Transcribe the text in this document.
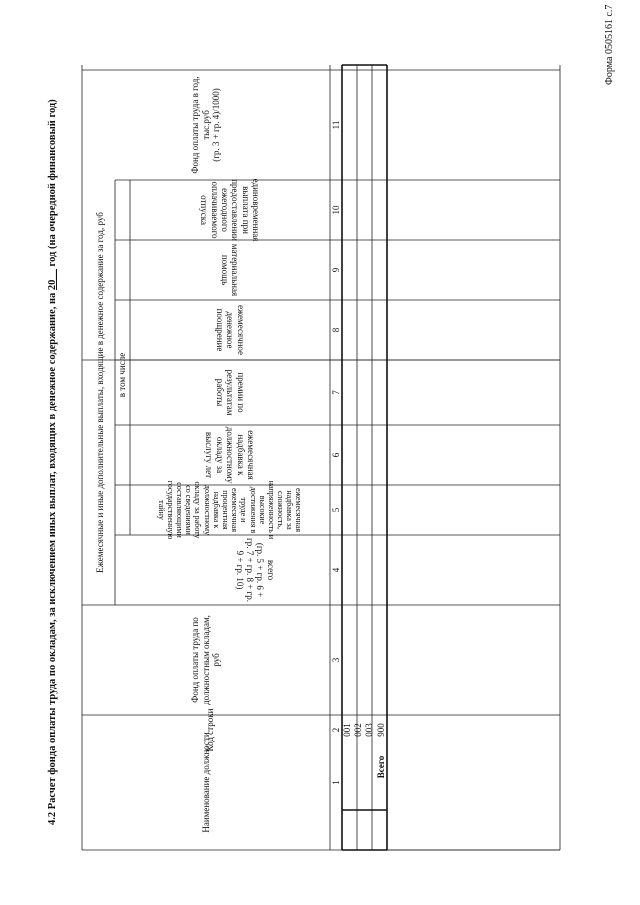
Форма 0505161 с.7
4.2 Расчет фонда оплаты труда по окладам, за исключением иных выплат, входящих в денежное содержание, на 20__ год (на очередной финансовый год)
Наименование должности
Код строки
Фонд оплаты труда по должностным окладам, руб
Ежемесячные и иные дополнительные выплаты, входящие в денежное содержание за год, руб	в том числе
всего
(гр. 5 + гр. 6 + гр. 7 + гр. 8 + гр. 9 + гр. 10)
ежемесячная надбавка за сложность, напряженность и высокие достижения в труде и ежемесячная процентная надбавка к должностному окладу за работу со сведениями составляющими государственную тайну
ежемесячная надбавка к должностному окладу за выслугу лет
премии по результатам работы
ежемесячное денежное поощрение
материальная помощь
единовременная выплата при предоставлении ежегодного оплачиваемого отпуска
Фонд оплаты труда в год, тыс.руб (гр. 3 + гр. 4)/1000)
1
2
3
4
5
6
7
8
9
10
11
001 002 003
Всего
900
